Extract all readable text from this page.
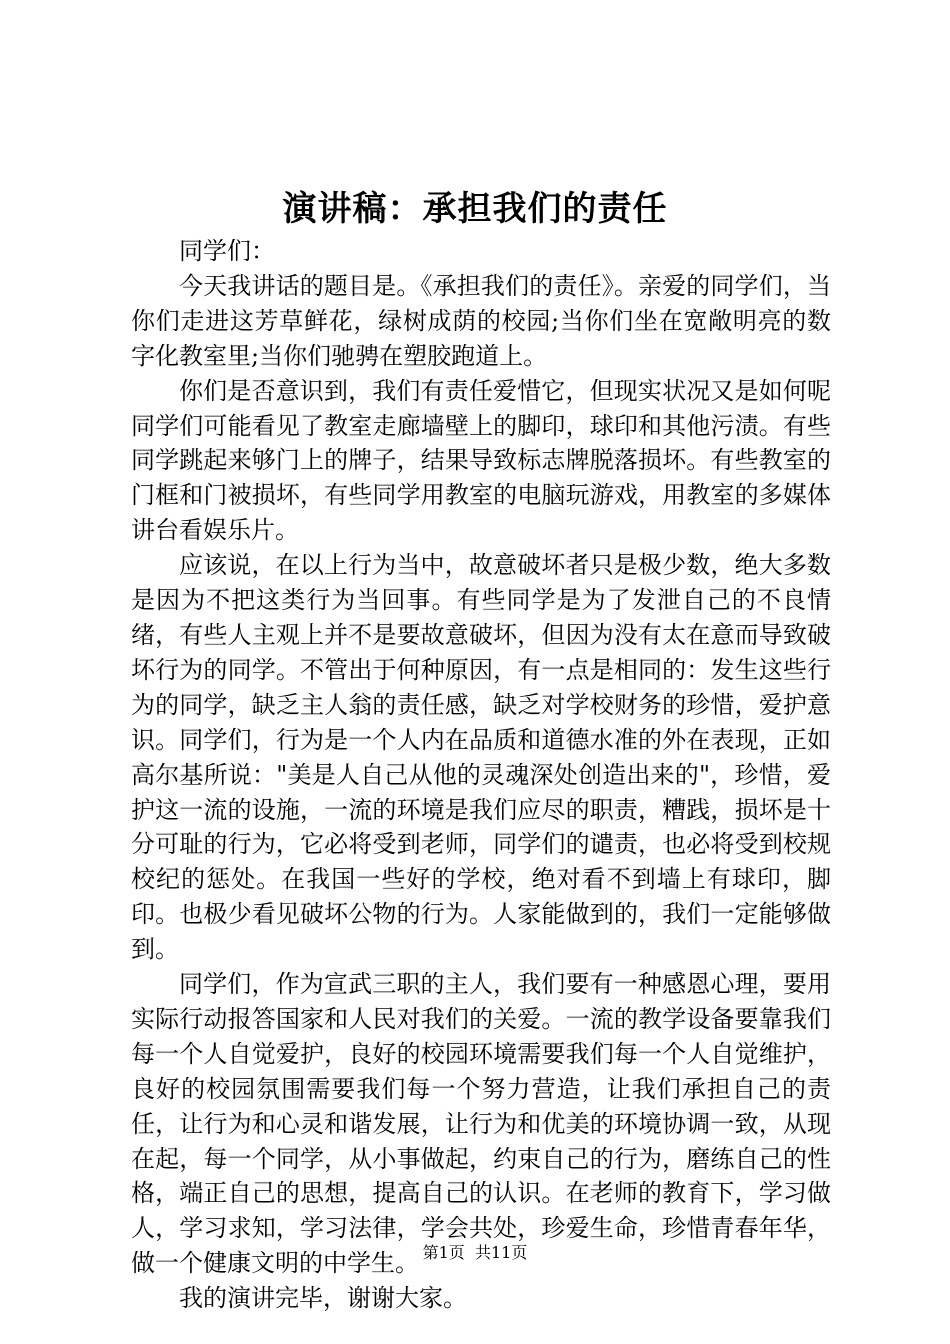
演讲稿：承担我们的责任

同学们：

今天我讲话的题目是。《承担我们的责任》。亲爱的同学们，当你们走进这芳草鲜花，绿树成荫的校园;当你们坐在宽敞明亮的数字化教室里;当你们驰骋在塑胶跑道上。

你们是否意识到，我们有责任爱惜它，但现实状况又是如何呢同学们可能看见了教室走廊墙壁上的脚印，球印和其他污渍。有些同学跳起来够门上的牌子，结果导致标志牌脱落损坏。有些教室的门框和门被损坏，有些同学用教室的电脑玩游戏，用教室的多媒体讲台看娱乐片。

应该说，在以上行为当中，故意破坏者只是极少数，绝大多数是因为不把这类行为当回事。有些同学是为了发泄自己的不良情绪，有些人主观上并不是要故意破坏，但因为没有太在意而导致破坏行为的同学。不管出于何种原因，有一点是相同的：发生这些行为的同学，缺乏主人翁的责任感，缺乏对学校财务的珍惜，爱护意识。同学们，行为是一个人内在品质和道德水准的外在表现，正如高尔基所说："美是人自己从他的灵魂深处创造出来的"，珍惜，爱护这一流的设施，一流的环境是我们应尽的职责，糟践，损坏是十分可耻的行为，它必将受到老师，同学们的谴责，也必将受到校规校纪的惩处。在我国一些好的学校，绝对看不到墙上有球印，脚印。也极少看见破坏公物的行为。人家能做到的，我们一定能够做到。

同学们，作为宣武三职的主人，我们要有一种感恩心理，要用实际行动报答国家和人民对我们的关爱。一流的教学设备要靠我们每一个人自觉爱护，良好的校园环境需要我们每一个人自觉维护，良好的校园氛围需要我们每一个努力营造，让我们承担自己的责任，让行为和心灵和谐发展，让行为和优美的环境协调一致，从现在起，每一个同学，从小事做起，约束自己的行为，磨练自己的性格，端正自己的思想，提高自己的认识。在老师的教育下，学习做人，学习求知，学习法律，学会共处，珍爱生命，珍惜青春年华，做一个健康文明的中学生。

我的演讲完毕，谢谢大家。

第1页 共11页
